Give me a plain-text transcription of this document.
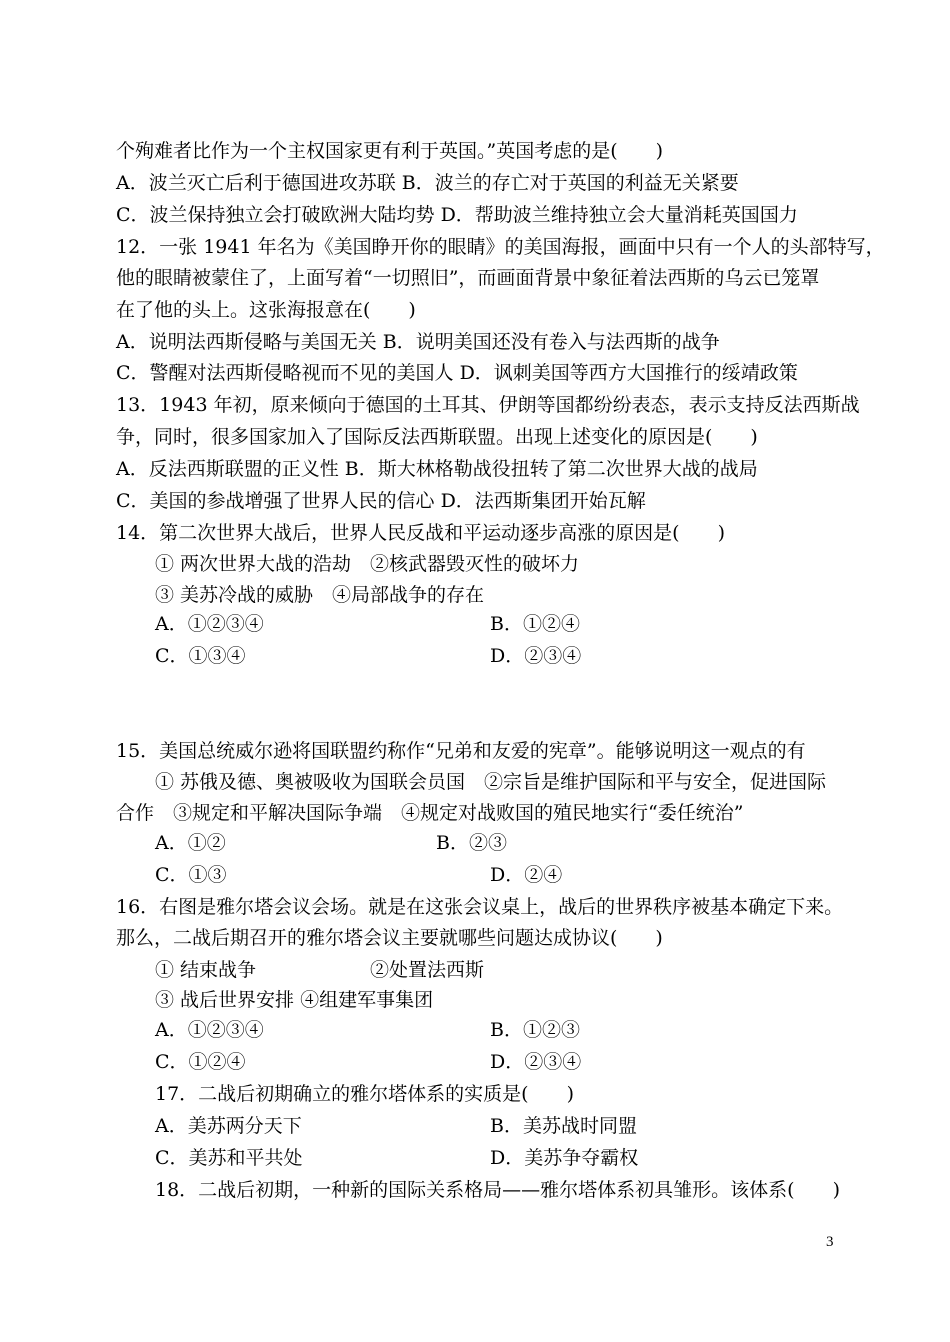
个殉难者比作为一个主权国家更有利于英国。”英国考虑的是(　　)
A．波兰灭亡后利于德国进攻苏联 B．波兰的存亡对于英国的利益无关紧要
C．波兰保持独立会打破欧洲大陆均势 D．帮助波兰维持独立会大量消耗英国国力
12．一张 1941 年名为《美国睁开你的眼睛》的美国海报，画面中只有一个人的头部特写，
他的眼睛被蒙住了，上面写着“一切照旧”，而画面背景中象征着法西斯的乌云已笼罩
在了他的头上。这张海报意在(　　)
A．说明法西斯侵略与美国无关 B．说明美国还没有卷入与法西斯的战争
C．警醒对法西斯侵略视而不见的美国人 D．讽刺美国等西方大国推行的绥靖政策
13．1943 年初，原来倾向于德国的土耳其、伊朗等国都纷纷表态，表示支持反法西斯战
争，同时，很多国家加入了国际反法西斯联盟。出现上述变化的原因是(　　)
A．反法西斯联盟的正义性 B．斯大林格勒战役扭转了第二次世界大战的战局
C．美国的参战增强了世界人民的信心 D．法西斯集团开始瓦解
14．第二次世界大战后，世界人民反战和平运动逐步高涨的原因是(　　)
① 两次世界大战的浩劫　②核武器毁灭性的破坏力
③ 美苏冷战的威胁　④局部战争的存在
A．①②③④	B．①②④
C．①③④	D．②③④
15．美国总统威尔逊将国联盟约称作“兄弟和友爱的宪章”。能够说明这一观点的有
① 苏俄及德、奥被吸收为国联会员国　②宗旨是维护国际和平与安全，促进国际
合作　③规定和平解决国际争端　④规定对战败国的殖民地实行“委任统治”
A．①②	B．②③
C．①③	D．②④
16．右图是雅尔塔会议会场。就是在这张会议桌上，战后的世界秩序被基本确定下来。
那么，二战后期召开的雅尔塔会议主要就哪些问题达成协议(　　)
① 结束战争	②处置法西斯
③ 战后世界安排 ④组建军事集团
A．①②③④	B．①②③
C．①②④	D．②③④
17．二战后初期确立的雅尔塔体系的实质是(　　)
A．美苏两分天下	B．美苏战时同盟
C．美苏和平共处	D．美苏争夺霸权
18．二战后初期，一种新的国际关系格局——雅尔塔体系初具雏形。该体系(　　)
3
